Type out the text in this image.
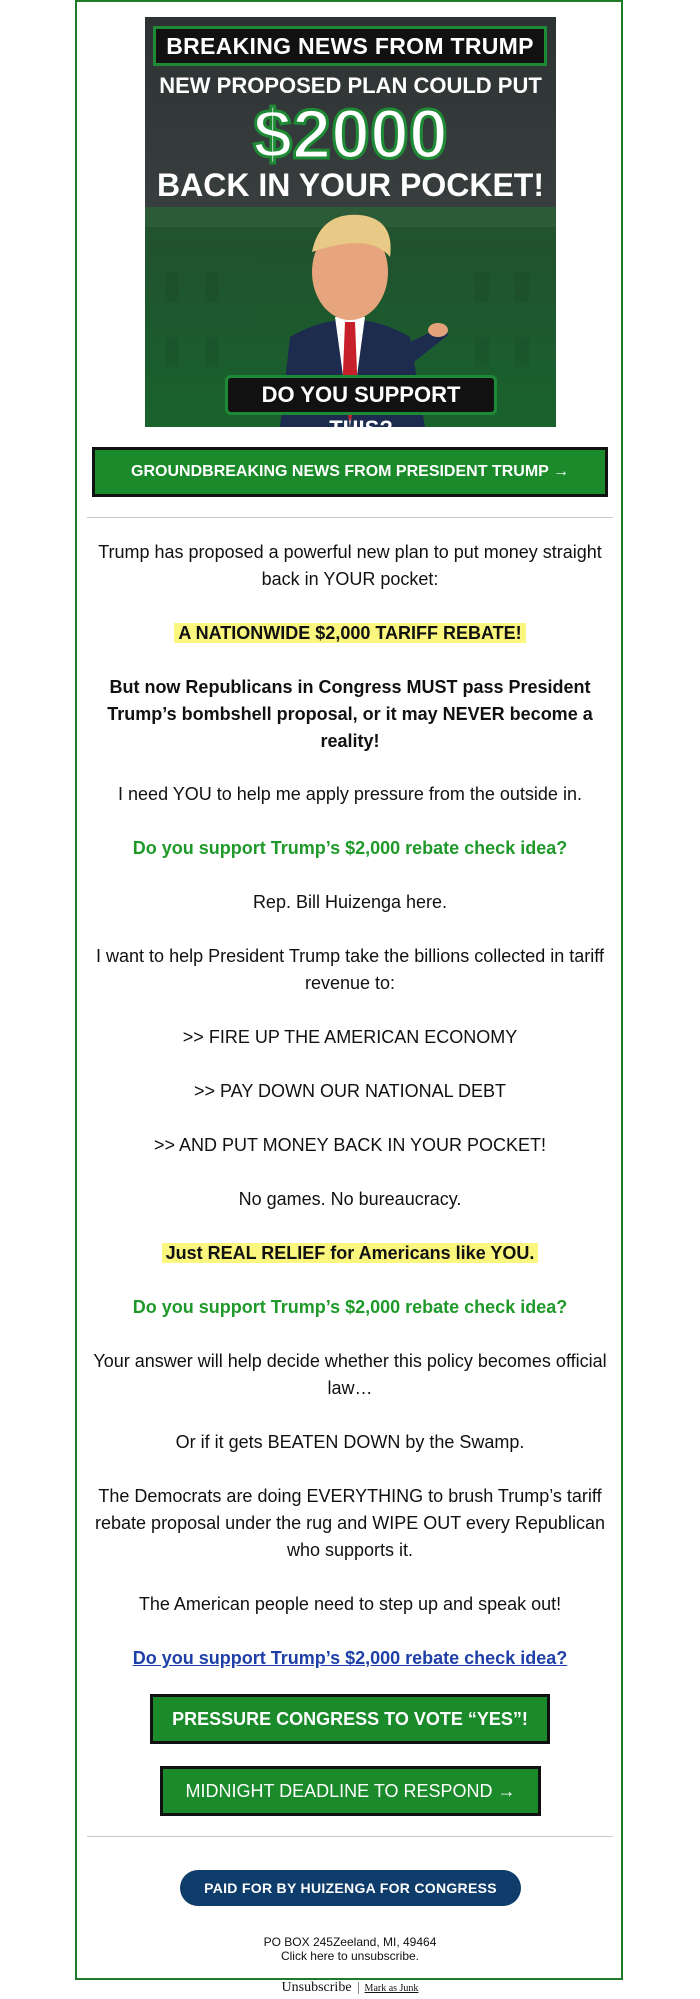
BREAKING NEWS FROM TRUMP
NEW PROPOSED PLAN COULD PUT
$2000
BACK IN YOUR POCKET!
DO YOU SUPPORT THIS?
GROUNDBREAKING NEWS FROM PRESIDENT TRUMP →
Trump has proposed a powerful new plan to put money straight back in YOUR pocket:
A NATIONWIDE $2,000 TARIFF REBATE!
But now Republicans in Congress MUST pass President Trump’s bombshell proposal, or it may NEVER become a reality!
I need YOU to help me apply pressure from the outside in.
Do you support Trump’s $2,000 rebate check idea?
Rep. Bill Huizenga here.
I want to help President Trump take the billions collected in tariff revenue to:
>> FIRE UP THE AMERICAN ECONOMY
>> PAY DOWN OUR NATIONAL DEBT
>> AND PUT MONEY BACK IN YOUR POCKET!
No games. No bureaucracy.
Just REAL RELIEF for Americans like YOU.
Do you support Trump’s $2,000 rebate check idea?
Your answer will help decide whether this policy becomes official law…
Or if it gets BEATEN DOWN by the Swamp.
The Democrats are doing EVERYTHING to brush Trump’s tariff rebate proposal under the rug and WIPE OUT every Republican who supports it.
The American people need to step up and speak out!
Do you support Trump’s $2,000 rebate check idea?
PRESSURE CONGRESS TO VOTE “YES”!
MIDNIGHT DEADLINE TO RESPOND →
PAID FOR BY HUIZENGA FOR CONGRESS
PO BOX 245Zeeland, MI, 49464
Click here to unsubscribe.
Unsubscribe Mark as Junk
